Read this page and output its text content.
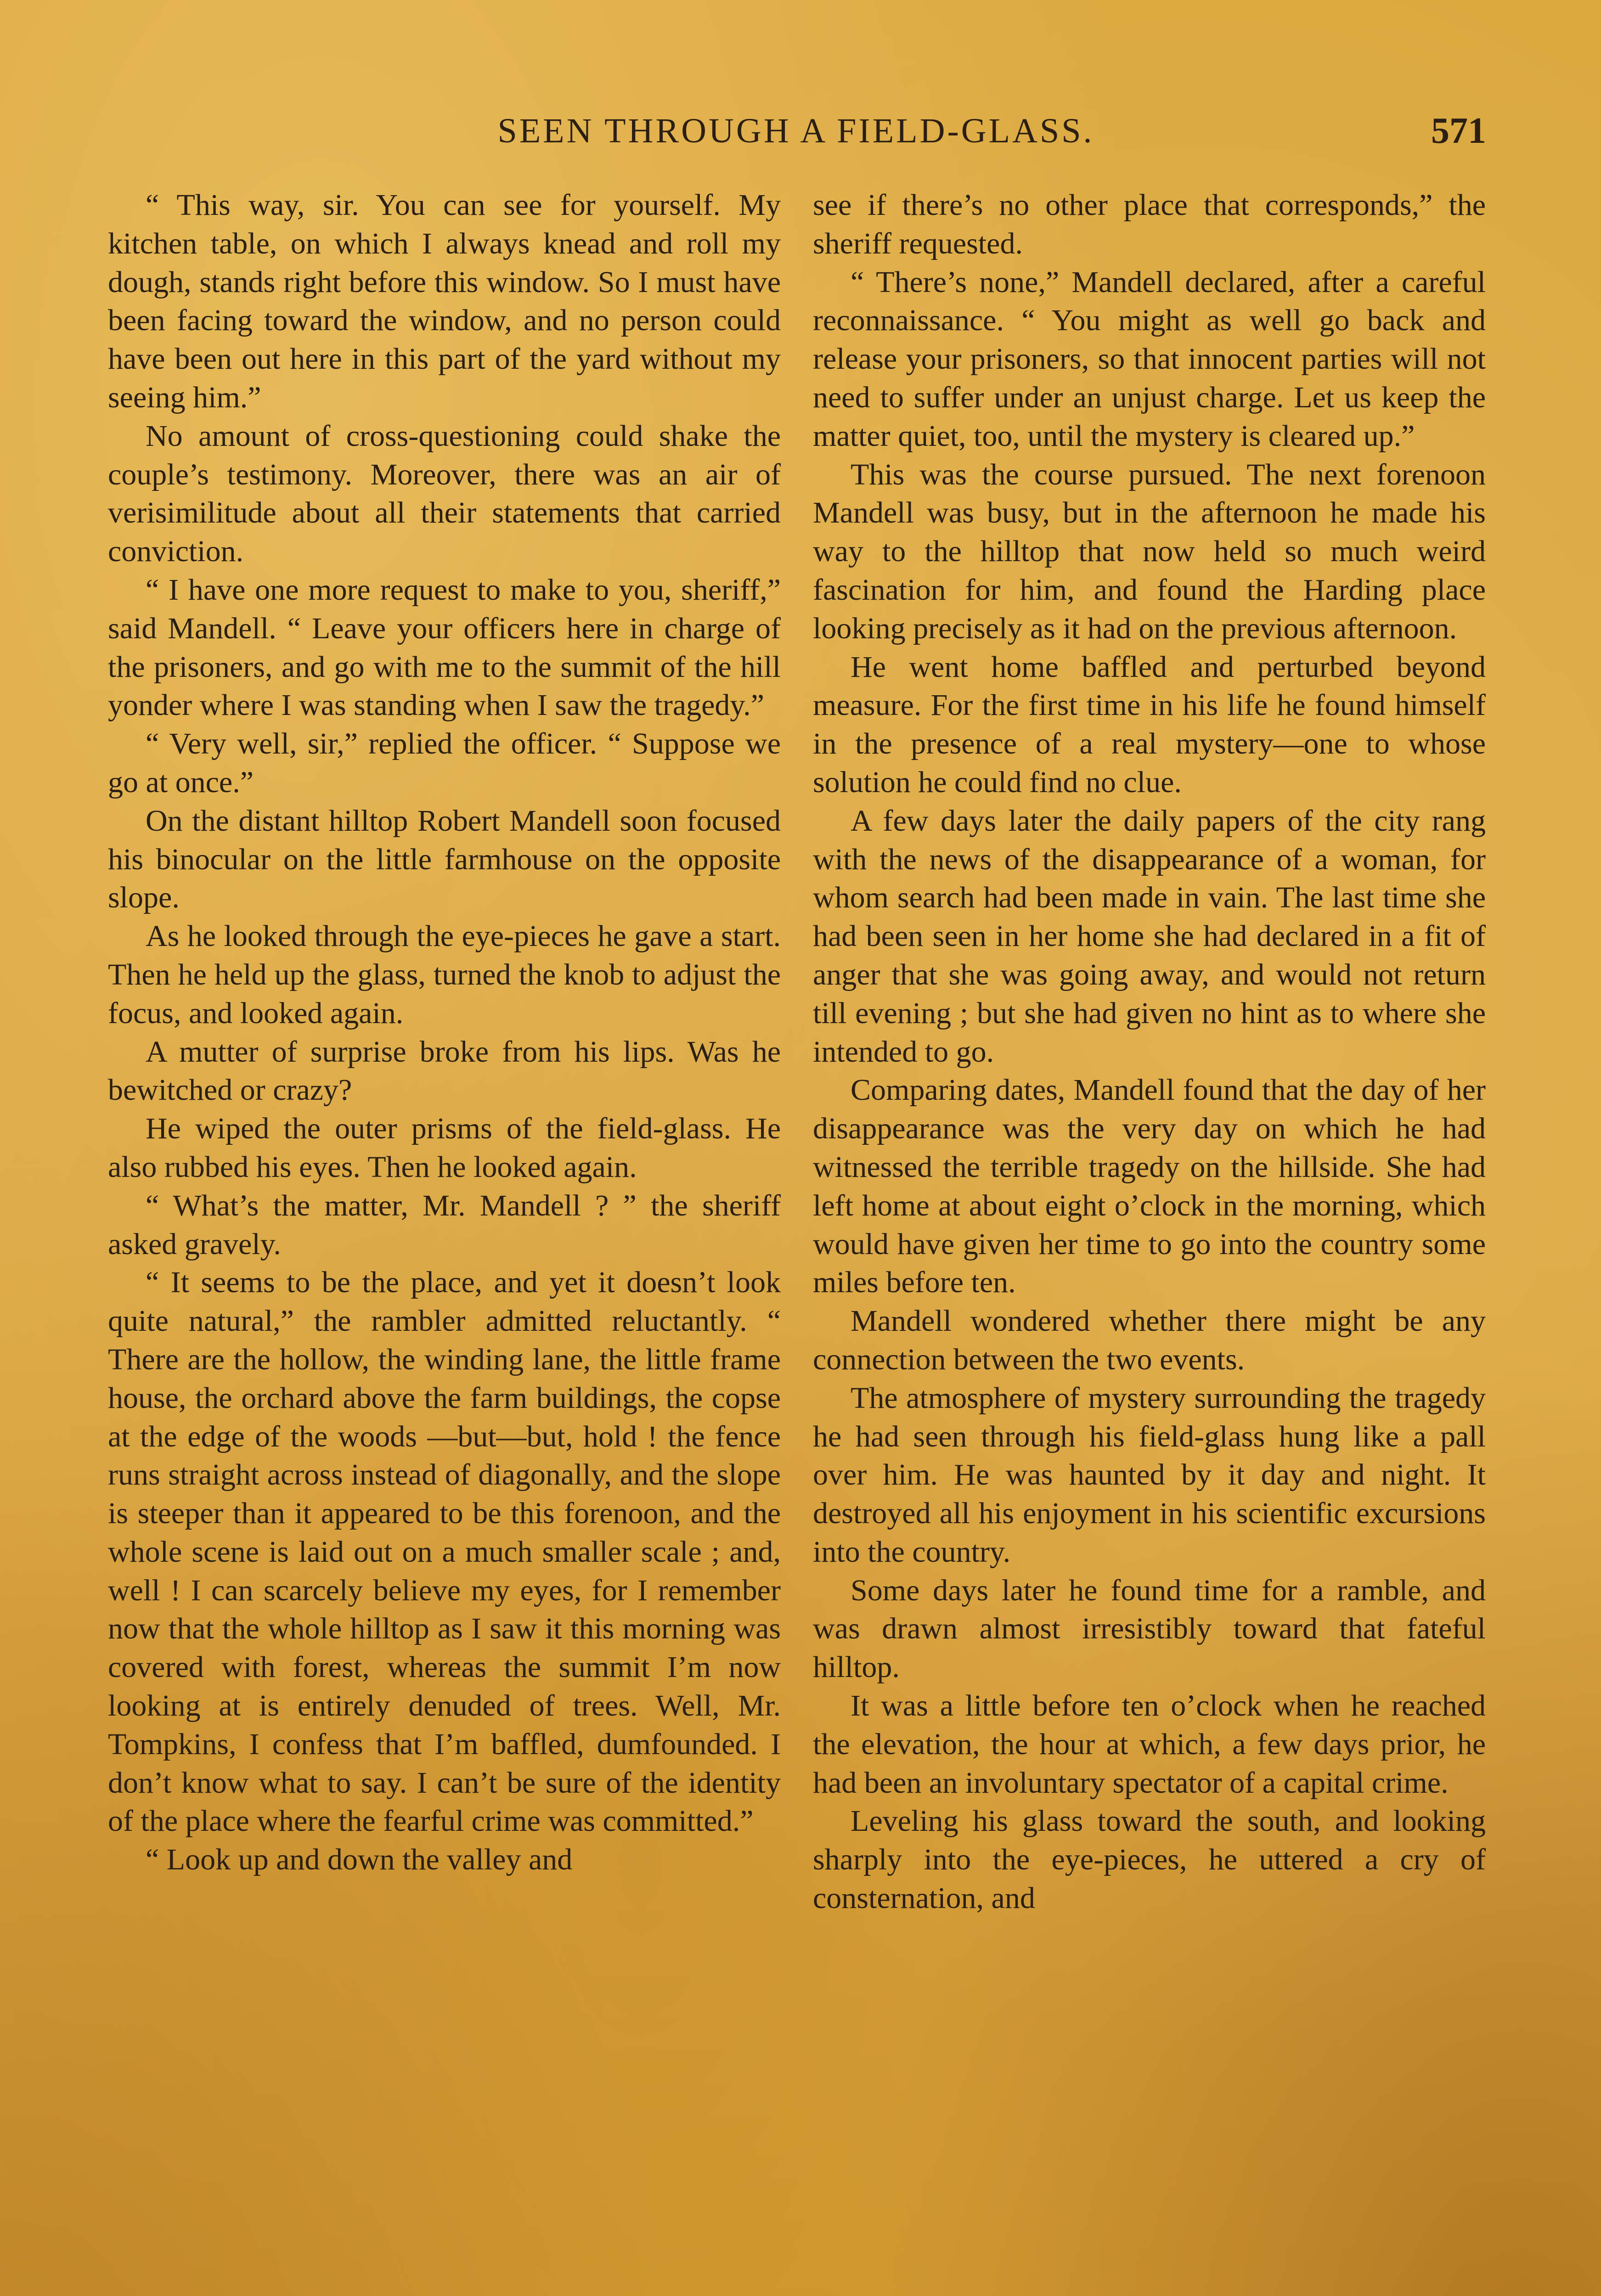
SEEN THROUGH A FIELD-GLASS.	571

“ This way, sir. You can see for yourself. My kitchen table, on which I always knead and roll my dough, stands right before this window. So I must have been facing toward the window, and no person could have been out here in this part of the yard without my seeing him.”

No amount of cross-questioning could shake the couple’s testimony. Moreover, there was an air of verisimilitude about all their statements that carried conviction.

“ I have one more request to make to you, sheriff,” said Mandell. “ Leave your officers here in charge of the prisoners, and go with me to the summit of the hill yonder where I was standing when I saw the tragedy.”

“ Very well, sir,” replied the officer. “ Suppose we go at once.”

On the distant hilltop Robert Mandell soon focused his binocular on the little farmhouse on the opposite slope.

As he looked through the eye-pieces he gave a start. Then he held up the glass, turned the knob to adjust the focus, and looked again.

A mutter of surprise broke from his lips. Was he bewitched or crazy?

He wiped the outer prisms of the field-glass. He also rubbed his eyes. Then he looked again.

“ What’s the matter, Mr. Mandell ? ” the sheriff asked gravely.

“ It seems to be the place, and yet it doesn’t look quite natural,” the rambler admitted reluctantly. “ There are the hollow, the winding lane, the little frame house, the orchard above the farm buildings, the copse at the edge of the woods —but—but, hold ! the fence runs straight across instead of diagonally, and the slope is steeper than it appeared to be this forenoon, and the whole scene is laid out on a much smaller scale ; and, well ! I can scarcely believe my eyes, for I remember now that the whole hilltop as I saw it this morning was covered with forest, whereas the summit I’m now looking at is entirely denuded of trees. Well, Mr. Tompkins, I confess that I’m baffled, dumfounded. I don’t know what to say. I can’t be sure of the identity of the place where the fearful crime was committed.”

“ Look up and down the valley and

see if there’s no other place that corresponds,” the sheriff requested.

“ There’s none,” Mandell declared, after a careful reconnaissance. “ You might as well go back and release your prisoners, so that innocent parties will not need to suffer under an unjust charge. Let us keep the matter quiet, too, until the mystery is cleared up.”

This was the course pursued. The next forenoon Mandell was busy, but in the afternoon he made his way to the hilltop that now held so much weird fascination for him, and found the Harding place looking precisely as it had on the previous afternoon.

He went home baffled and perturbed beyond measure. For the first time in his life he found himself in the presence of a real mystery—one to whose solution he could find no clue.

A few days later the daily papers of the city rang with the news of the disappearance of a woman, for whom search had been made in vain. The last time she had been seen in her home she had declared in a fit of anger that she was going away, and would not return till evening ; but she had given no hint as to where she intended to go.

Comparing dates, Mandell found that the day of her disappearance was the very day on which he had witnessed the terrible tragedy on the hillside. She had left home at about eight o’clock in the morning, which would have given her time to go into the country some miles before ten.

Mandell wondered whether there might be any connection between the two events.

The atmosphere of mystery surrounding the tragedy he had seen through his field-glass hung like a pall over him. He was haunted by it day and night. It destroyed all his enjoyment in his scientific excursions into the country.

Some days later he found time for a ramble, and was drawn almost irresistibly toward that fateful hilltop.

It was a little before ten o’clock when he reached the elevation, the hour at which, a few days prior, he had been an involuntary spectator of a capital crime.

Leveling his glass toward the south, and looking sharply into the eye-pieces, he uttered a cry of consternation, and
